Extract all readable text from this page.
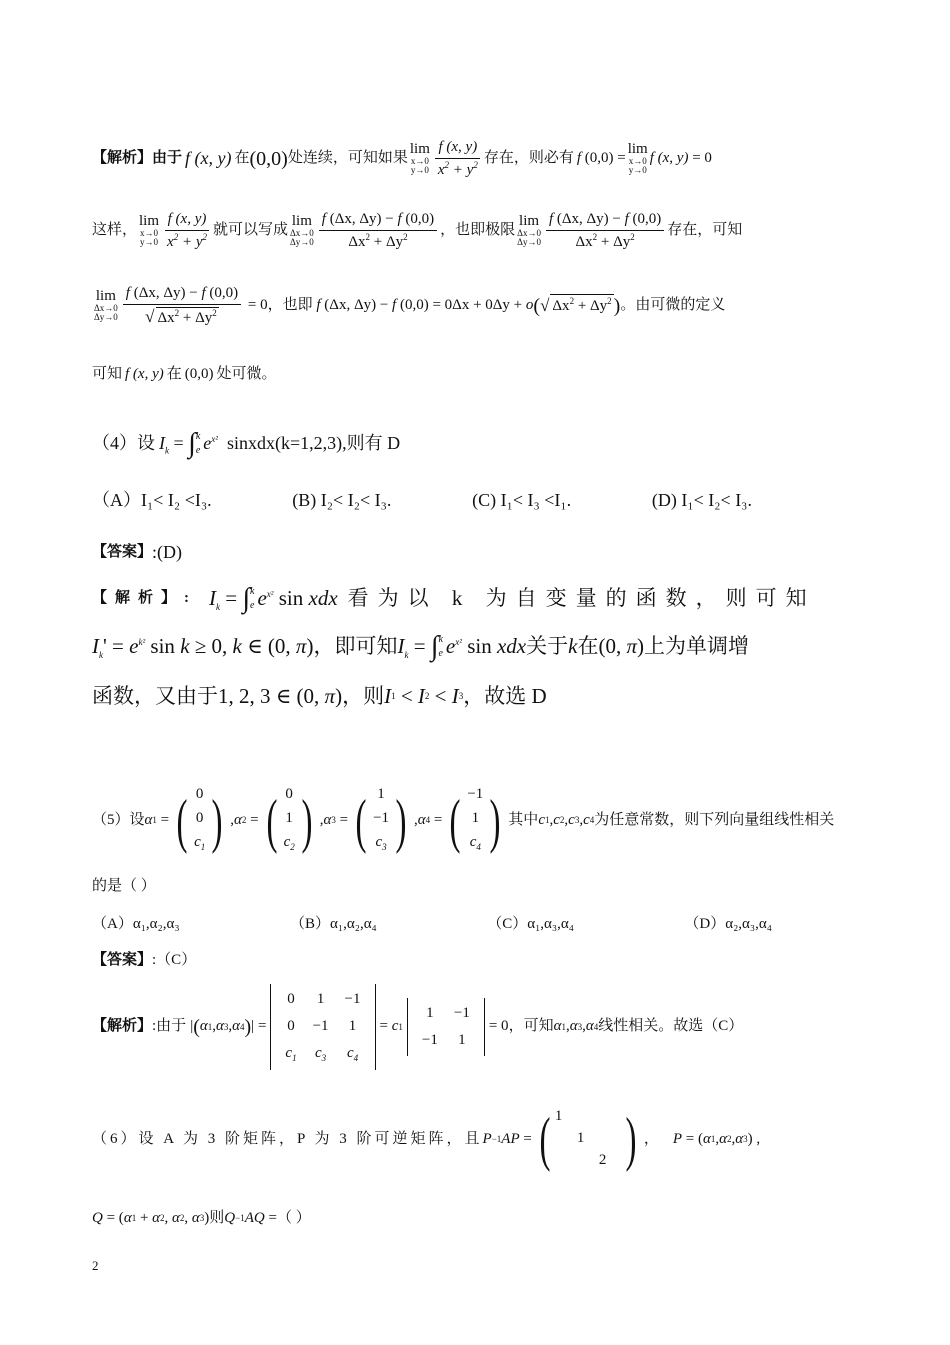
【解析】 由于 f (x, y) 在 (0,0) 处连续，可知如果
lim
x→0
$y\to 0 \frac{f (x, y)}{x^2 + y^2}$ 存在，则必有 f (0,0) =
lim
x→0
y→0
f (x, y) = 0
这样，
lim
x→0
$y\to 0 \frac{f (x, y)}{x^2 + y^2}$ 就可以写成
lim
Δx→0
$\Delta y\to 0 \frac{f (\Delta x, \Delta y) - f (0,0)}{\Delta x^2 + \Delta y^2}$ ，也即极限
lim
Δx→0
$\Delta y\to 0 \frac{f (\Delta x, \Delta y) - f (0,0)}{\Delta x^2 + \Delta y^2}$ 存在，可知
lim
Δx→0
$\Delta y\to 0 \frac{f (\Delta x, \Delta y) - f (0,0)}{√ \Delta x^2 + \Delta y^2} = 0$ ，也即 f (Δx, Δy) − f (0,0) = 0Δx + 0Δy + o ( √ $\Delta x^2 + \Delta y^2$ ) 。由可微的定义
可知 f (x, y) 在 (0,0) 处可微。
（4）设 $I_k$ = ∫ k
e $e^{x^2}$
sinxdx(k=1,2,3),则有 D
（A）I₁< I₂ <I₃.	(B) I₂< I₂< I₃.	(C) I₁< I₃ <I₁.	(D) I₁< I₂< I₃.
【答案】 :(D)
【解析】: $I_k$ = ∫ k
e $e^{x^2}$ sin xdx 看为以 k 为自变量的函数，则可知
$I_k$ ' = $e^{k^2}$ sin k ≥ 0, k ∈ (0, π ) ，即可知 $I_k$ = ∫ k
e $e^{x^2}$ sin xdx 关于 k 在 (0, π ) 上为单调增
函数，又由于 1, 2, 3 ∈ (0, π) ，则 I 1 < I 2 < I 3 ，故选 D
（5）设 α 1 = ( 0
0
$c_1$ ) , α 2 = ( 0
1
$c_2$ ) , α 3 = ( 1
−1
$c_3$ ) , α 4 = ( −1
1
$c_4$ ) 其中 c 1 , c 2 , c 3 , c 4 为任意常数，则下列向量组线性相关
的是（ ）
（A）α₁,α₂,α₃	（B）α₁,α₂,α₄	（C）α₁,α₃,α₄	（D）α₂,α₃,α₄
【答案】 :（C）
【解析】 :由于 | ( α 1 , α 3 , α 4 ) | =
0	1	−1
0	−1	1
$c_1$	$c_3$	$c_4$
= c 1
1	−1
−1	1
= 0 ，可知 α 1 , α 3 , α 4 线性相关。故选（C）
（6）设 A 为 3 阶矩阵，P 为 3 阶可逆矩阵，且 P −1 AP = ( 1
1
2 ) ， P = ( α 1 , α 2 , α 3 ) ,
Q = ( α 1 + α 2 , α 2 , α 3 ) 则 Q −1 AQ = （ ）
2
